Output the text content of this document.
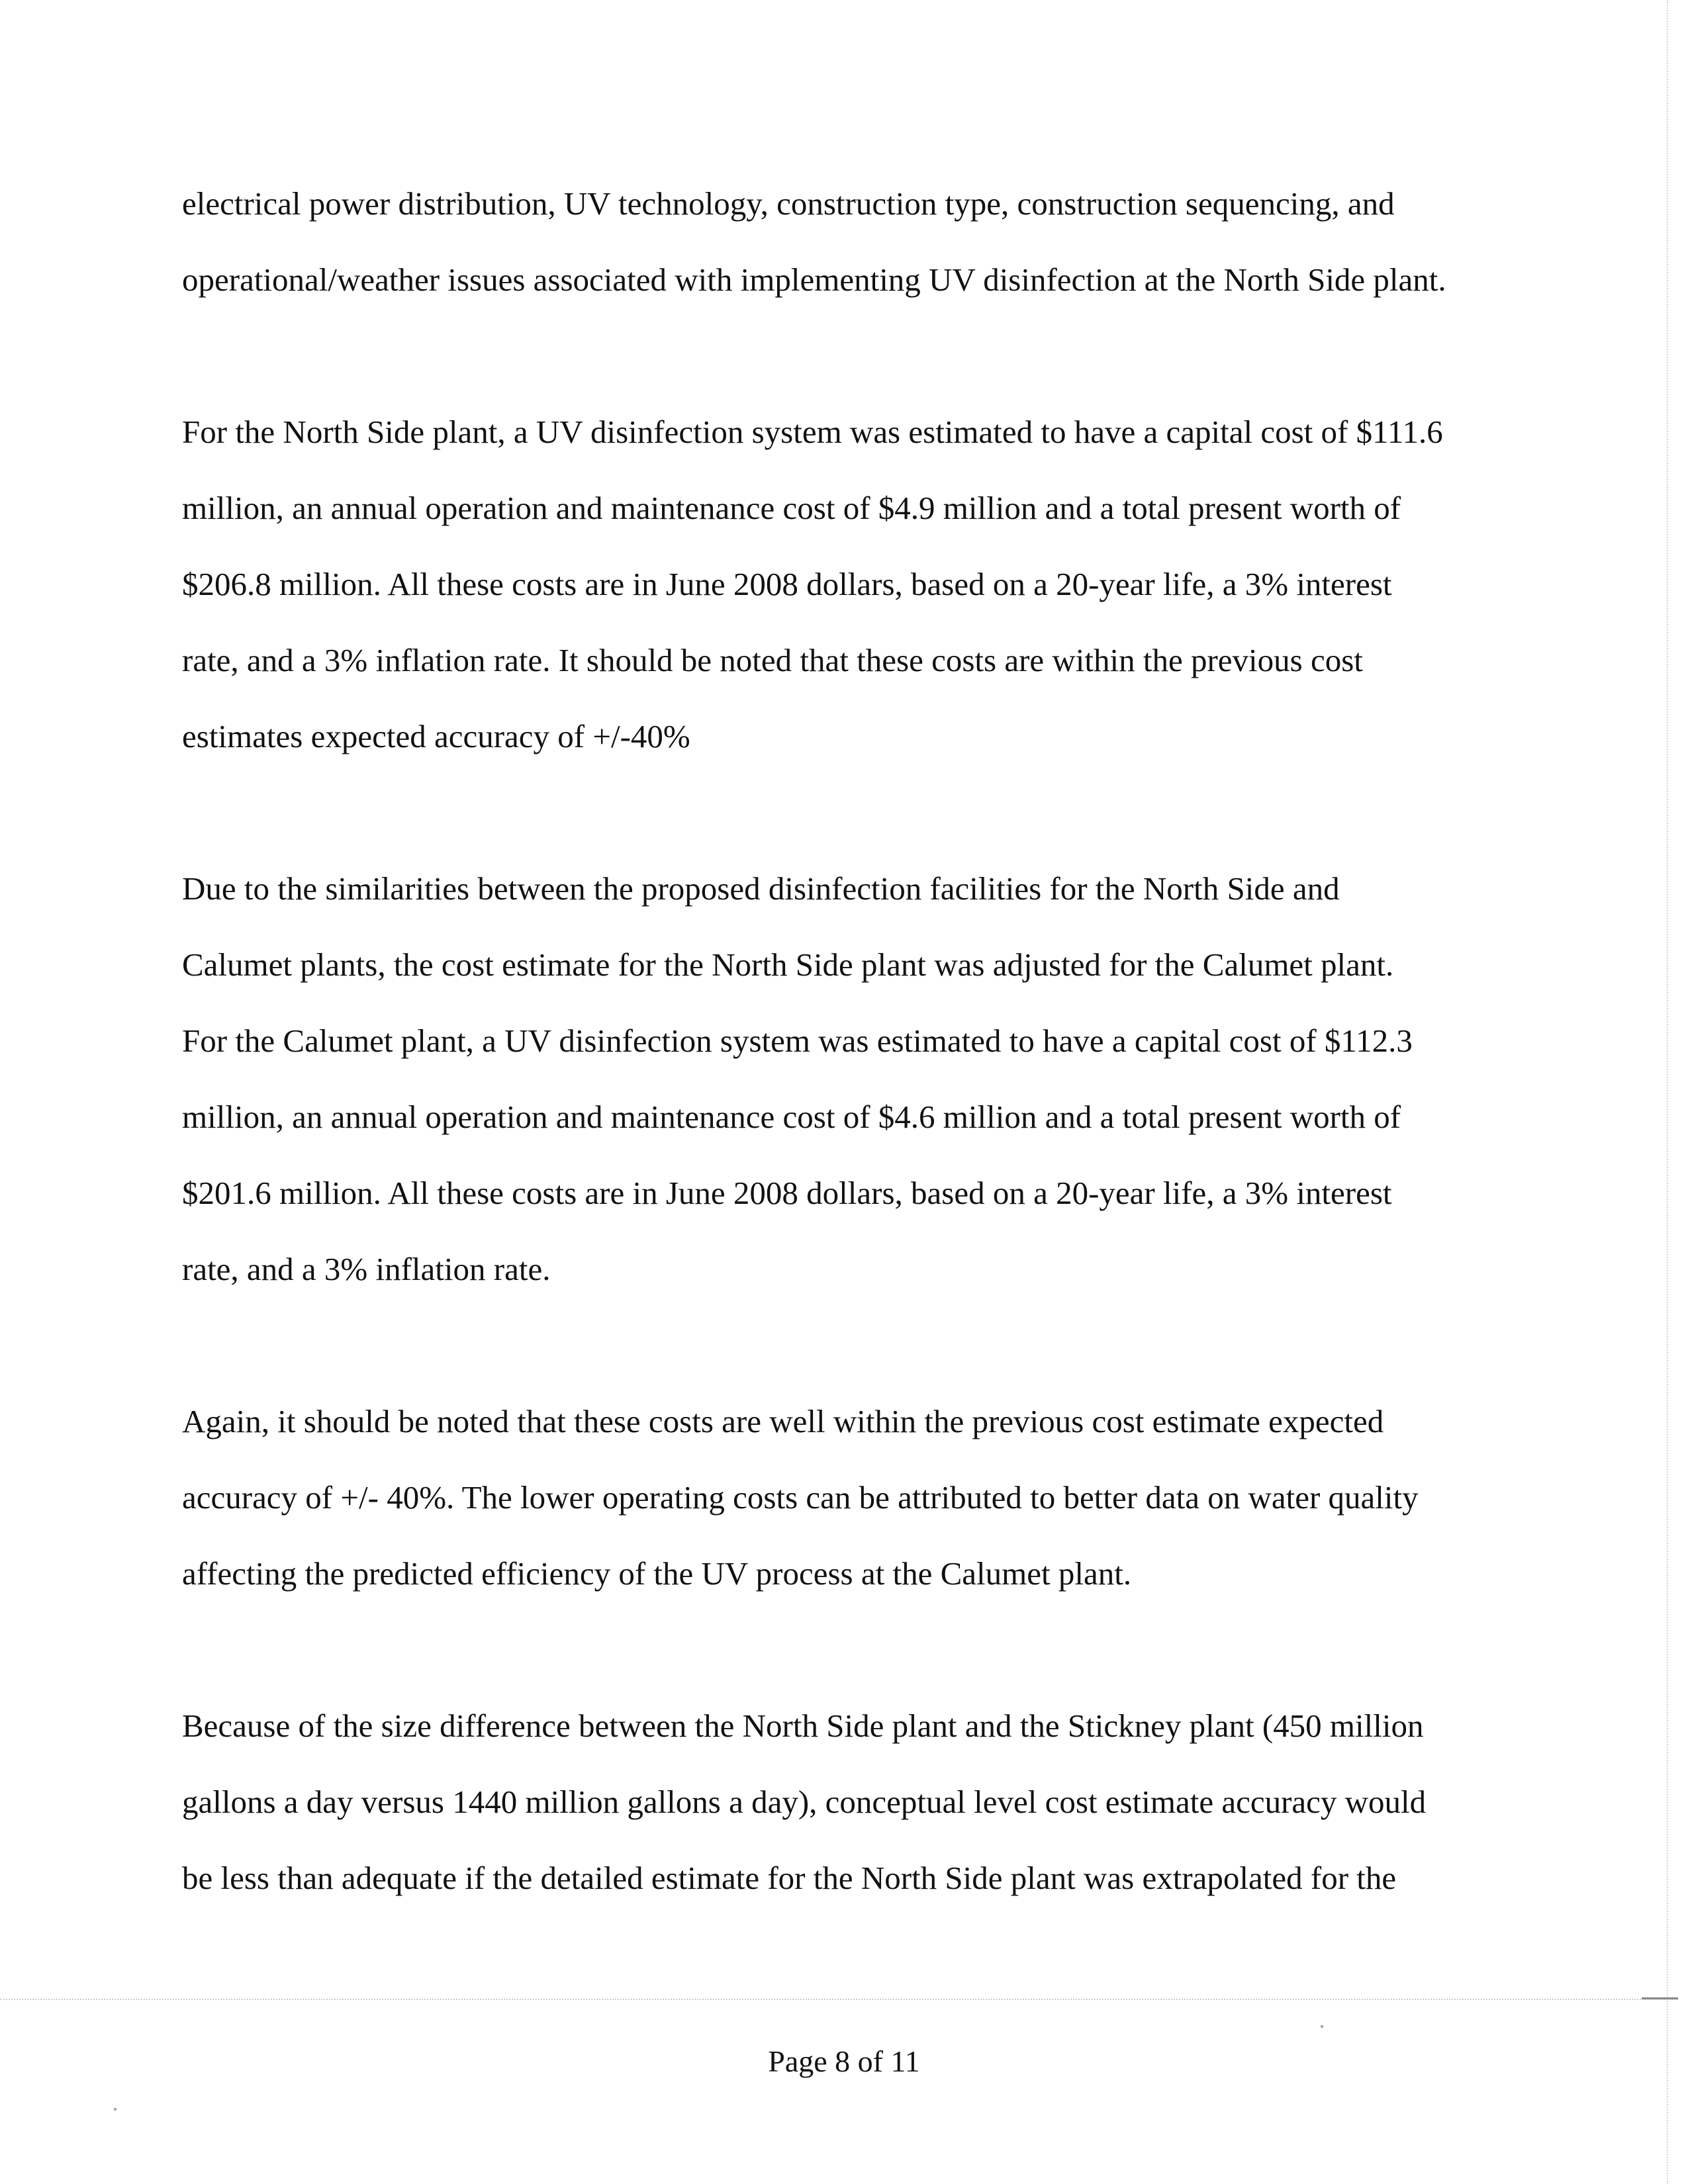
electrical power distribution, UV technology, construction type, construction sequencing, and
operational/weather issues associated with implementing UV disinfection at the North Side plant.

For the North Side plant, a UV disinfection system was estimated to have a capital cost of $111.6
million, an annual operation and maintenance cost of $4.9 million and a total present worth of
$206.8 million. All these costs are in June 2008 dollars, based on a 20-year life, a 3% interest
rate, and a 3% inflation rate. It should be noted that these costs are within the previous cost
estimates expected accuracy of +/-40%

Due to the similarities between the proposed disinfection facilities for the North Side and
Calumet plants, the cost estimate for the North Side plant was adjusted for the Calumet plant.
For the Calumet plant, a UV disinfection system was estimated to have a capital cost of $112.3
million, an annual operation and maintenance cost of $4.6 million and a total present worth of
$201.6 million. All these costs are in June 2008 dollars, based on a 20-year life, a 3% interest
rate, and a 3% inflation rate.

Again, it should be noted that these costs are well within the previous cost estimate expected
accuracy of +/- 40%. The lower operating costs can be attributed to better data on water quality
affecting the predicted efficiency of the UV process at the Calumet plant.

Because of the size difference between the North Side plant and the Stickney plant (450 million
gallons a day versus 1440 million gallons a day), conceptual level cost estimate accuracy would
be less than adequate if the detailed estimate for the North Side plant was extrapolated for the

Page 8 of 11
